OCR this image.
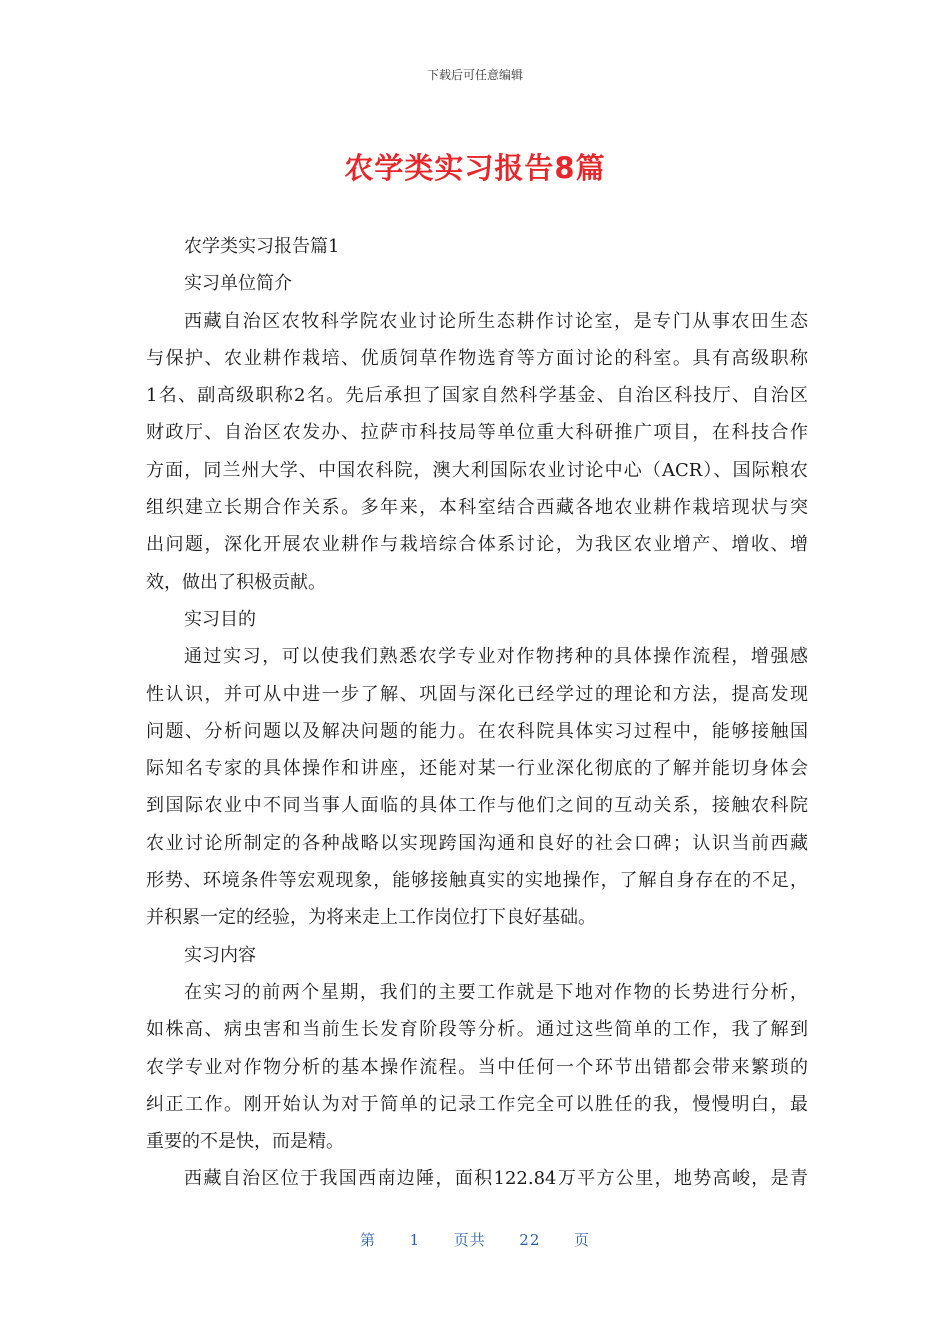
下载后可任意编辑
农学类实习报告8篇
农学类实习报告篇1
实习单位简介
西藏自治区农牧科学院农业讨论所生态耕作讨论室，是专门从事农田生态
与保护、农业耕作栽培、优质饲草作物选育等方面讨论的科室。具有高级职称
1名、副高级职称2名。先后承担了国家自然科学基金、自治区科技厅、自治区
财政厅、自治区农发办、拉萨市科技局等单位重大科研推广项目，在科技合作
方面，同兰州大学、中国农科院，澳大利国际农业讨论中心（ACR）、国际粮农
组织建立长期合作关系。多年来，本科室结合西藏各地农业耕作栽培现状与突
出问题，深化开展农业耕作与栽培综合体系讨论，为我区农业增产、增收、增
效，做出了积极贡献。
实习目的
通过实习，可以使我们熟悉农学专业对作物拷种的具体操作流程，增强感
性认识，并可从中进一步了解、巩固与深化已经学过的理论和方法，提高发现
问题、分析问题以及解决问题的能力。在农科院具体实习过程中，能够接触国
际知名专家的具体操作和讲座，还能对某一行业深化彻底的了解并能切身体会
到国际农业中不同当事人面临的具体工作与他们之间的互动关系，接触农科院
农业讨论所制定的各种战略以实现跨国沟通和良好的社会口碑；认识当前西藏
形势、环境条件等宏观现象，能够接触真实的实地操作，了解自身存在的不足，
并积累一定的经验，为将来走上工作岗位打下良好基础。
实习内容
在实习的前两个星期，我们的主要工作就是下地对作物的长势进行分析，
如株高、病虫害和当前生长发育阶段等分析。通过这些简单的工作，我了解到
农学专业对作物分析的基本操作流程。当中任何一个环节出错都会带来繁琐的
纠正工作。刚开始认为对于简单的记录工作完全可以胜任的我，慢慢明白，最
重要的不是快，而是精。
西藏自治区位于我国西南边陲，面积122.84万平方公里，地势高峻，是青
第 1 页共 22 页
